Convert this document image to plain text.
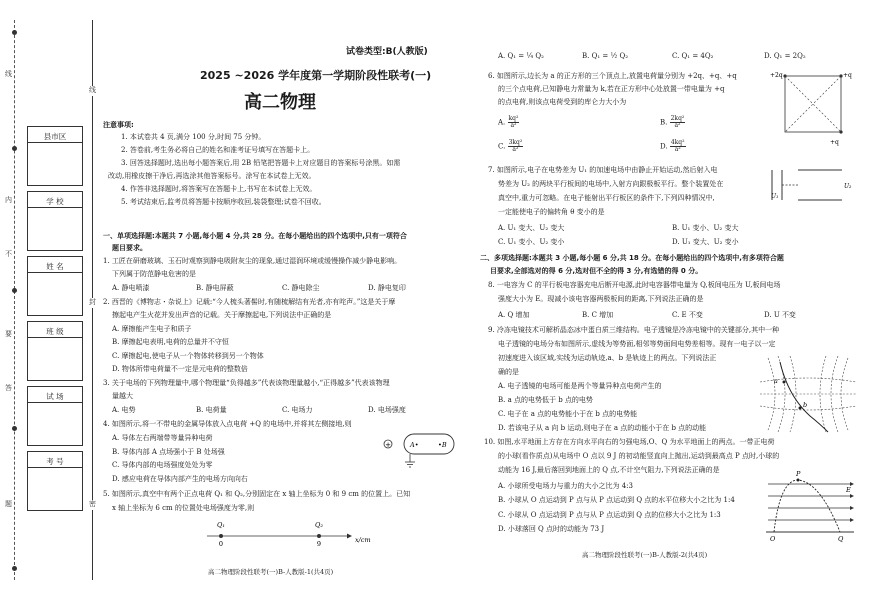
线
封
密
线
内
不
要
答
题
县市区
学 校
姓 名
班 级
试 场
考 号
试卷类型:B(人教版)
2025 ~2026 学年度第一学期阶段性联考(一)
高二物理
注意事项:
1. 本试卷共 4 页,满分 100 分,时间 75 分钟。
2. 答卷前,考生务必将自己的姓名和准考证号填写在答题卡上。
3. 回答选择题时,选出每小题答案后,用 2B 铅笔把答题卡上对应题目的答案标号涂黑。如需
改动,用橡皮擦干净后,再选涂其他答案标号。涂写在本试卷上无效。
4. 作答非选择题时,将答案写在答题卡上,书写在本试卷上无效。
5. 考试结束后,监考员将答题卡按顺序收回,装袋整理;试卷不回收。
一、单项选择题:本题共 7 小题,每小题 4 分,共 28 分。在每小题给出的四个选项中,只有一项符合
题目要求。
1. 工匠在研磨玻璃、玉石时观察到静电吸附灰尘的现象,通过湿润环境或缓慢操作减少静电影响。
下列属于防范静电危害的是
A. 静电喷漆	B. 静电屏蔽	C. 静电除尘	D. 静电复印
2. 西晋的《博物志・杂说上》记载:“今人梳头著髻时,有随梳解结有光者,亦有咤声。”这是关于摩
擦起电产生火花并发出声音的记载。关于摩擦起电,下列说法中正确的是
A. 摩擦能产生电子和质子
B. 摩擦起电表明,电荷的总量并不守恒
C. 摩擦起电,使电子从一个物体转移到另一个物体
D. 物体所带电荷量不一定是元电荷的整数倍
3. 关于电场的下列物理量中,哪个物理量“负得越多”代表该物理量越小,“正得越多”代表该物理
量越大
A. 电势	B. 电荷量	C. 电场力	D. 电场强度
4. 如图所示,将一不带电的金属导体放入点电荷 +Q 的电场中,并将其左侧接地,则
A. 导体左右两端带等量异种电荷
B. 导体内部 A 点场强小于 B 处场强
C. 导体内部的电场强度处处为零
D. 感应电荷在导体内部产生的电场方向向右
+	A•	•B
5. 如图所示,真空中有两个正点电荷 Q₁ 和 Q₂,分别固定在 x 轴上坐标为 0 和 9 cm 的位置上。已知
x 轴上坐标为 6 cm 的位置处电场强度为零,则
Q₁	Q₂
0	9	x/cm
高二物理阶段性联考(一)B-人教版-1(共4页)
A. Q₁ = ¼ Q₂	B. Q₁ = ½ Q₂	C. Q₁ = 4Q₂	D. Q₁ = 2Q₂
6. 如图所示,边长为 a 的正方形的三个顶点上,放置电荷量分别为 +2q、+q、+q
的三个点电荷,已知静电力常量为 k,若在正方形中心处放置一带电量为 +q
的点电荷,则该点电荷受到的库仑力大小为
A. $\frac{\text{kq²}}{\text{a²}}$	B. $\frac{\text{2kq²}}{\text{a²}}$
C. $\frac{\text{3kq²}}{\text{a²}}$	D. $\frac{\text{4kq²}}{\text{a²}}$
+2q	+q
+q
7. 如图所示,电子在电势差为 U₁ 的加速电场中由静止开始运动,然后射入电
势差为 U₂ 的两块平行板间的电场中,入射方向跟极板平行。整个装置处在
真空中,重力可忽略。在电子能射出平行板区的条件下,下列四种情况中,
一定能使电子的偏转角 θ 变小的是
A. U₁ 变大、U₂ 变大	B. U₁ 变小、U₂ 变大
C. U₁ 变小、U₂ 变小	D. U₁ 变大、U₂ 变小
U₁
U₂
二、多项选择题:本题共 3 小题,每小题 6 分,共 18 分。在每小题给出的四个选项中,有多项符合题
目要求,全部选对的得 6 分,选对但不全的得 3 分,有选错的得 0 分。
8. 一电容为 C 的平行板电容器充电后断开电源,此时电容器带电量为 Q,板间电压为 U,板间电场
强度大小为 E。现减小该电容器两极板间的距离,下列说法正确的是
A. Q 增加	B. C 增加	C. E 不变	D. U 不变
9. 冷冻电镜技术可解析晶态冰中蛋白质三维结构。电子透镜是冷冻电镜中的关键部分,其中一种
电子透镜的电场分布如图所示,虚线为等势面,相邻等势面间电势差相等。现有一电子以一定
初速度进入该区域,实线为运动轨迹,a、b 是轨迹上的两点。下列说法正
确的是
A. 电子透镜的电场可能是两个等量异种点电荷产生的
B. a 点的电势低于 b 点的电势
C. 电子在 a 点的电势能小于在 b 点的电势能
D. 若该电子从 a 向 b 运动,则电子在 a 点的动能小于在 b 点的动能
a
b
10. 如图,水平地面上方存在方向水平向右的匀强电场,O、Q 为水平地面上的两点。一带正电荷
的小球(看作质点)从电场中 O 点以 9 J 的初动能竖直向上抛出,运动到最高点 P 点时,小球的
动能为 16 J,最后落回到地面上的 Q 点,不计空气阻力,下列说法正确的是
A. 小球所受电场力与重力的大小之比为 4:3
B. 小球从 O 点运动到 P 点与从 P 点运动到 Q 点的水平位移大小之比为 1:4
C. 小球从 O 点运动到 P 点与从 P 点运动到 Q 点的位移大小之比为 1:3
D. 小球落回 Q 点时的动能为 73 J
P
E
O	Q
高二物理阶段性联考(一)B-人教版-2(共4页)
